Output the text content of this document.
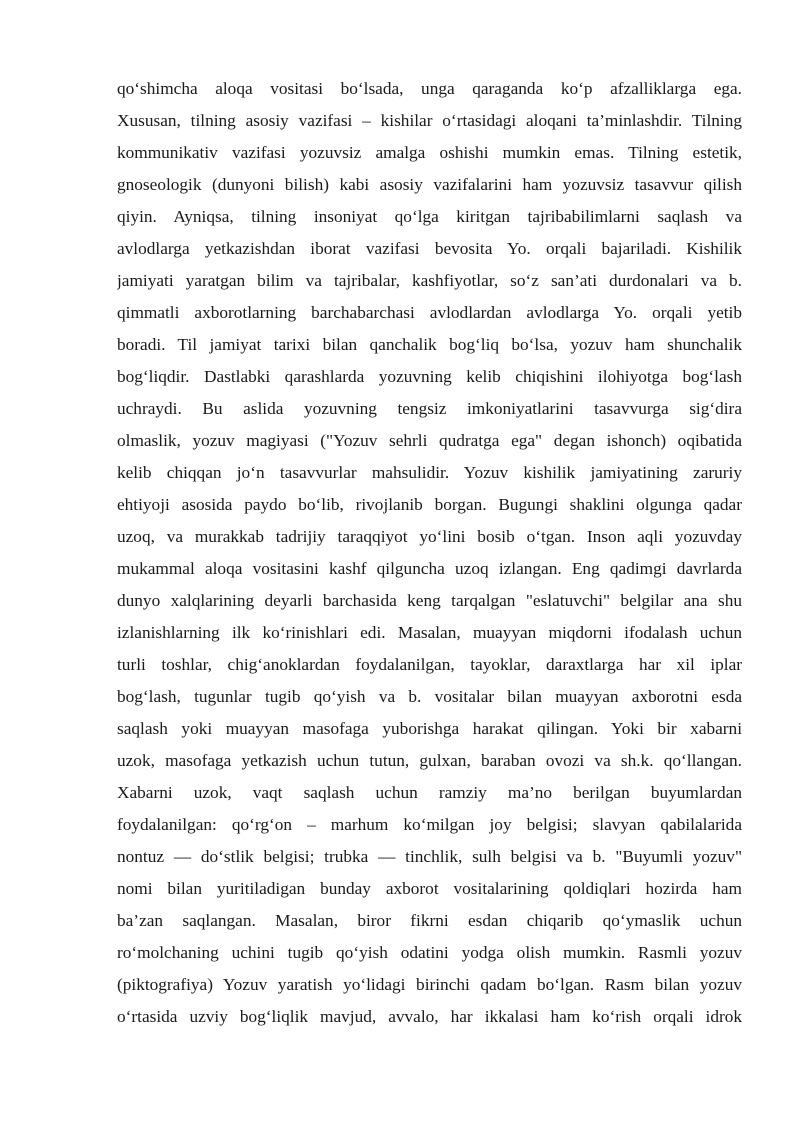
qo‘shimcha aloqa vositasi bo‘lsada, unga qaraganda ko‘p afzalliklarga ega.
Xususan, tilning asosiy vazifasi – kishilar o‘rtasidagi aloqani ta’minlashdir. Tilning
kommunikativ vazifasi yozuvsiz amalga oshishi mumkin emas. Tilning estetik,
gnoseologik (dunyoni bilish) kabi asosiy vazifalarini ham yozuvsiz tasavvur qilish
qiyin. Ayniqsa, tilning insoniyat qo‘lga kiritgan tajribabilimlarni saqlash va
avlodlarga yetkazishdan iborat vazifasi bevosita Yo. orqali bajariladi. Kishilik
jamiyati yaratgan bilim va tajribalar, kashfiyotlar, so‘z san’ati durdonalari va b.
qimmatli axborotlarning barchabarchasi avlodlardan avlodlarga Yo. orqali yetib
boradi. Til jamiyat tarixi bilan qanchalik bog‘liq bo‘lsa, yozuv ham shunchalik
bog‘liqdir. Dastlabki qarashlarda yozuvning kelib chiqishini ilohiyotga bog‘lash
uchraydi. Bu aslida yozuvning tengsiz imkoniyatlarini tasavvurga sig‘dira
olmaslik, yozuv magiyasi ("Yozuv sehrli qudratga ega" degan ishonch) oqibatida
kelib chiqqan jo‘n tasavvurlar mahsulidir. Yozuv kishilik jamiyatining zaruriy
ehtiyoji asosida paydo bo‘lib, rivojlanib borgan. Bugungi shaklini olgunga qadar
uzoq, va murakkab tadrijiy taraqqiyot yo‘lini bosib o‘tgan. Inson aqli yozuvday
mukammal aloqa vositasini kashf qilguncha uzoq izlangan. Eng qadimgi davrlarda
dunyo xalqlarining deyarli barchasida keng tarqalgan "eslatuvchi" belgilar ana shu
izlanishlarning ilk ko‘rinishlari edi. Masalan, muayyan miqdorni ifodalash uchun
turli toshlar, chig‘anoklardan foydalanilgan, tayoklar, daraxtlarga har xil iplar
bog‘lash, tugunlar tugib qo‘yish va b. vositalar bilan muayyan axborotni esda
saqlash yoki muayyan masofaga yuborishga harakat qilingan. Yoki bir xabarni
uzok, masofaga yetkazish uchun tutun, gulxan, baraban ovozi va sh.k. qo‘llangan.
Xabarni uzok, vaqt saqlash uchun ramziy ma’no berilgan buyumlardan
foydalanilgan: qo‘rg‘on – marhum ko‘milgan joy belgisi; slavyan qabilalarida
nontuz — do‘stlik belgisi; trubka — tinchlik, sulh belgisi va b. "Buyumli yozuv"
nomi bilan yuritiladigan bunday axborot vositalarining qoldiqlari hozirda ham
ba’zan saqlangan. Masalan, biror fikrni esdan chiqarib qo‘ymaslik uchun
ro‘molchaning uchini tugib qo‘yish odatini yodga olish mumkin. Rasmli yozuv
(piktografiya) Yozuv yaratish yo‘lidagi birinchi qadam bo‘lgan. Rasm bilan yozuv
o‘rtasida uzviy bog‘liqlik mavjud, avvalo, har ikkalasi ham ko‘rish orqali idrok
